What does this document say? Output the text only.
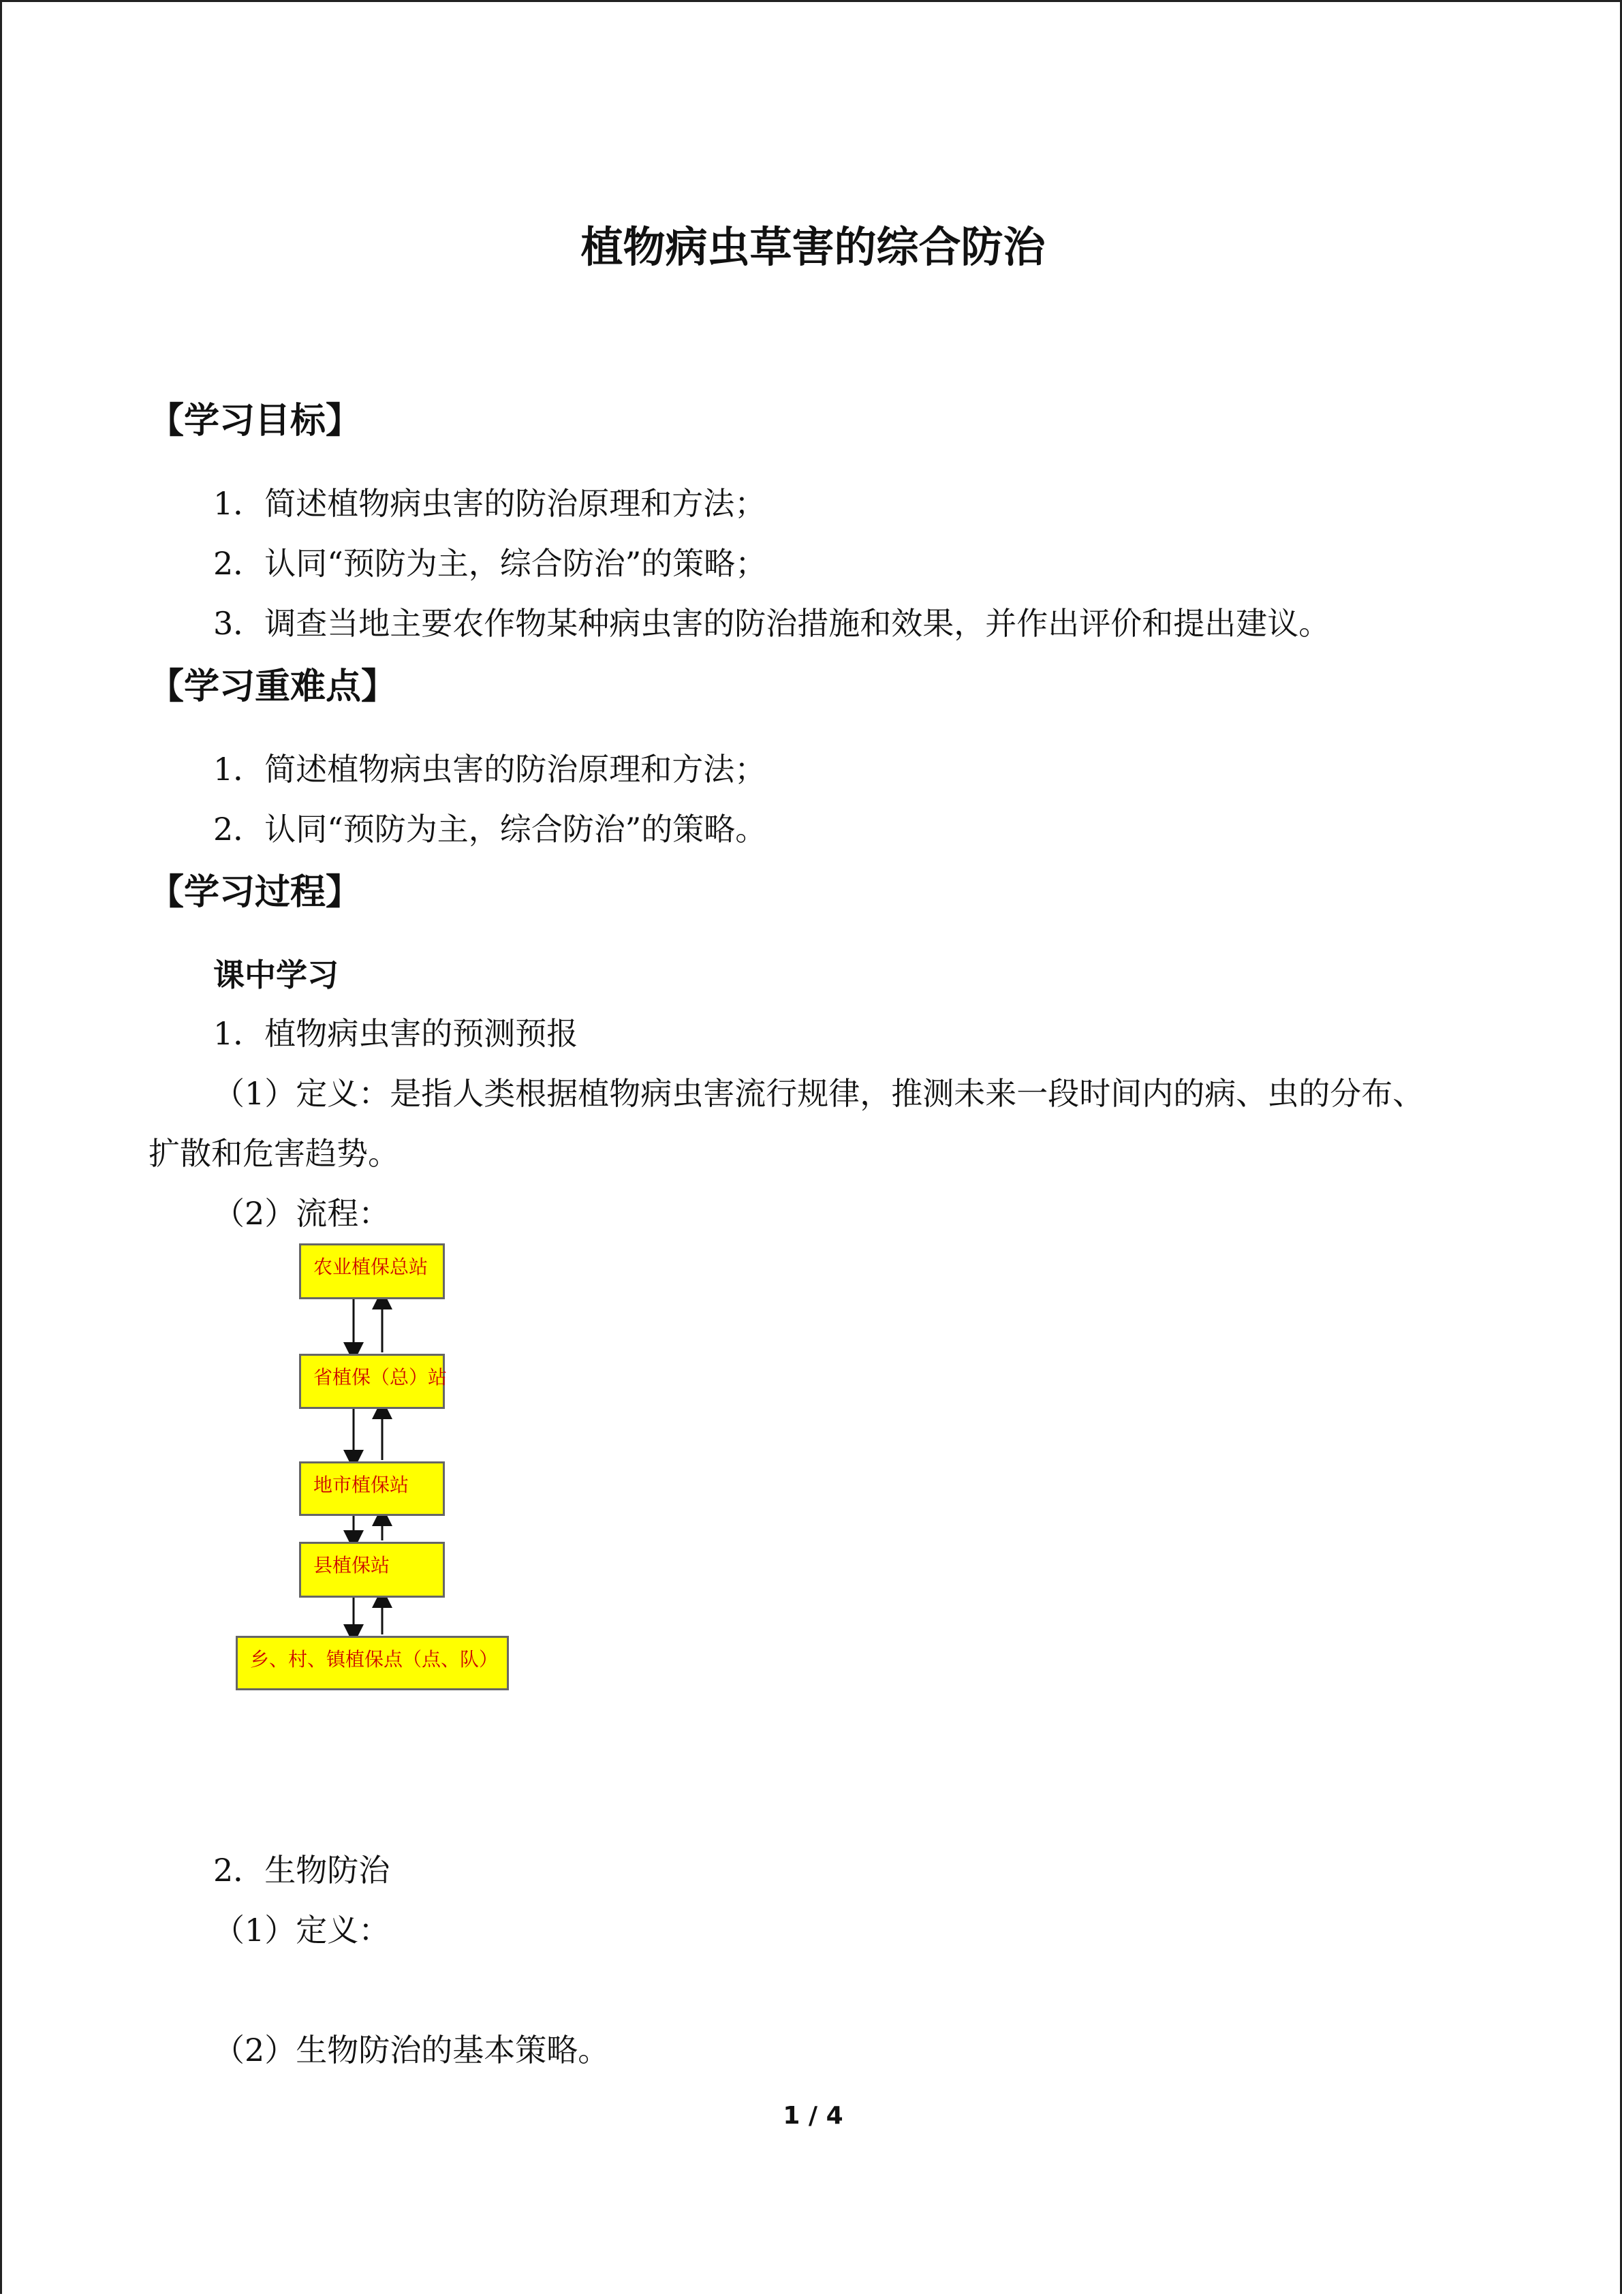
植物病虫草害的综合防治
【学习目标】
1．简述植物病虫害的防治原理和方法；
2．认同“预防为主，综合防治”的策略；
3．调查当地主要农作物某种病虫害的防治措施和效果，并作出评价和提出建议。
【学习重难点】
1．简述植物病虫害的防治原理和方法；
2．认同“预防为主，综合防治”的策略。
【学习过程】
课中学习
1．植物病虫害的预测预报
（1）定义：是指人类根据植物病虫害流行规律，推测未来一段时间内的病、虫的分布、
扩散和危害趋势。
（2）流程：
农业植保总站
省植保（总）站
地市植保站
县植保站
乡、村、镇植保点（点、队）
2．生物防治
（1）定义：
（2）生物防治的基本策略。
1 / 4
